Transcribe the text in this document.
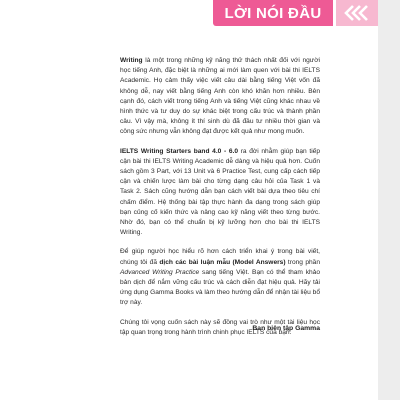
LỜI NÓI ĐẦU

Writing là một trong những kỹ năng thử thách nhất đối với người học tiếng Anh, đặc biệt là những ai mới làm quen với bài thi IELTS Academic. Họ cảm thấy việc viết câu dài bằng tiếng Việt vốn đã không dễ, nay viết bằng tiếng Anh còn khó khăn hơn nhiều. Bên cạnh đó, cách viết trong tiếng Anh và tiếng Việt cũng khác nhau về hình thức và tư duy do sự khác biệt trong cấu trúc và thành phần câu. Vì vậy mà, không ít thí sinh dù đã đầu tư nhiều thời gian và công sức nhưng vẫn không đạt được kết quả như mong muốn.

IELTS Writing Starters band 4.0 - 6.0 ra đời nhằm giúp bạn tiếp cận bài thi IELTS Writing Academic dễ dàng và hiệu quả hơn. Cuốn sách gồm 3 Part, với 13 Unit và 6 Practice Test, cung cấp cách tiếp cận và chiến lược làm bài cho từng dạng câu hỏi của Task 1 và Task 2. Sách cũng hướng dẫn bạn cách viết bài dựa theo tiêu chí chấm điểm. Hệ thống bài tập thực hành đa dạng trong sách giúp bạn củng cố kiến thức và nâng cao kỹ năng viết theo từng bước. Nhờ đó, bạn có thể chuẩn bị kỹ lưỡng hơn cho bài thi IELTS Writing.

Để giúp người học hiểu rõ hơn cách triển khai ý trong bài viết, chúng tôi đã dịch các bài luận mẫu (Model Answers) trong phần Advanced Writing Practice sang tiếng Việt. Bạn có thể tham khảo bản dịch để nắm vững cấu trúc và cách diễn đạt hiệu quả. Hãy tải ứng dụng Gamma Books và làm theo hướng dẫn để nhận tài liệu bổ trợ này.

Chúng tôi vọng cuốn sách này sẽ đồng vai trò như một tài liệu học tập quan trọng trong hành trình chinh phục IELTS của bạn.

Ban biên tập Gamma
